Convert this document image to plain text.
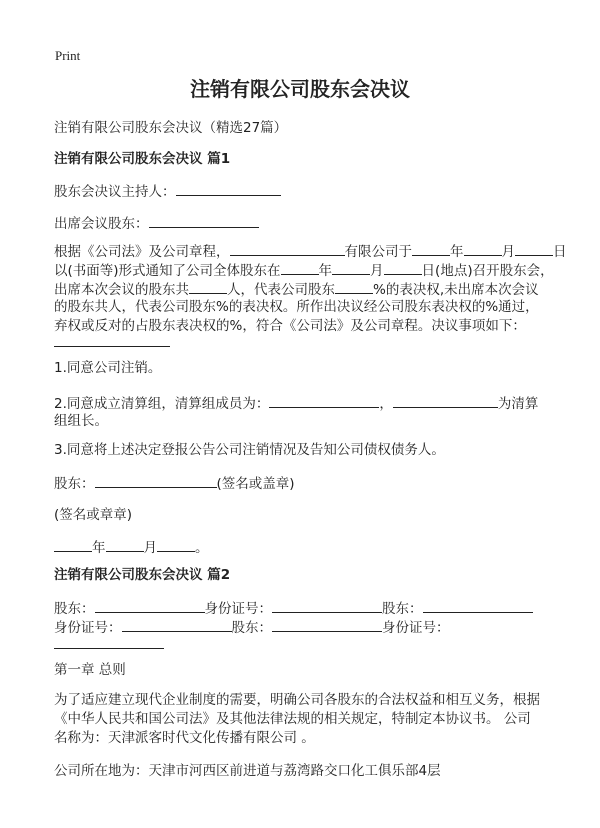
Print
注销有限公司股东会决议
注销有限公司股东会决议（精选27篇）
注销有限公司股东会决议 篇1
股东会决议主持人：
出席会议股东：
根据《公司法》及公司章程，	有限公司于	年	月	日
以(书面等)形式通知了公司全体股东在	年	月	日(地点)召开股东会，
出席本次会议的股东共	人，代表公司股东	%的表决权,未出席本次会议
的股东共人，代表公司股东%的表决权。所作出决议经公司股东表决权的%通过，
弃权或反对的占股东表决权的%，符合《公司法》及公司章程。决议事项如下：
1.同意公司注销。
2.同意成立清算组，清算组成员为：	，	为清算
组组长。
3.同意将上述决定登报公告公司注销情况及告知公司债权债务人。
股东：	(签名或盖章)
(签名或章章)
年	月	。
注销有限公司股东会决议 篇2
股东：	身份证号：	股东：
身份证号：	股东：	身份证号：
第一章 总则
为了适应建立现代企业制度的需要，明确公司各股东的合法权益和相互义务，根据
《中华人民共和国公司法》及其他法律法规的相关规定，特制定本协议书。 公司
名称为：天津派客时代文化传播有限公司 。
公司所在地为：天津市河西区前进道与荔湾路交口化工俱乐部4层
